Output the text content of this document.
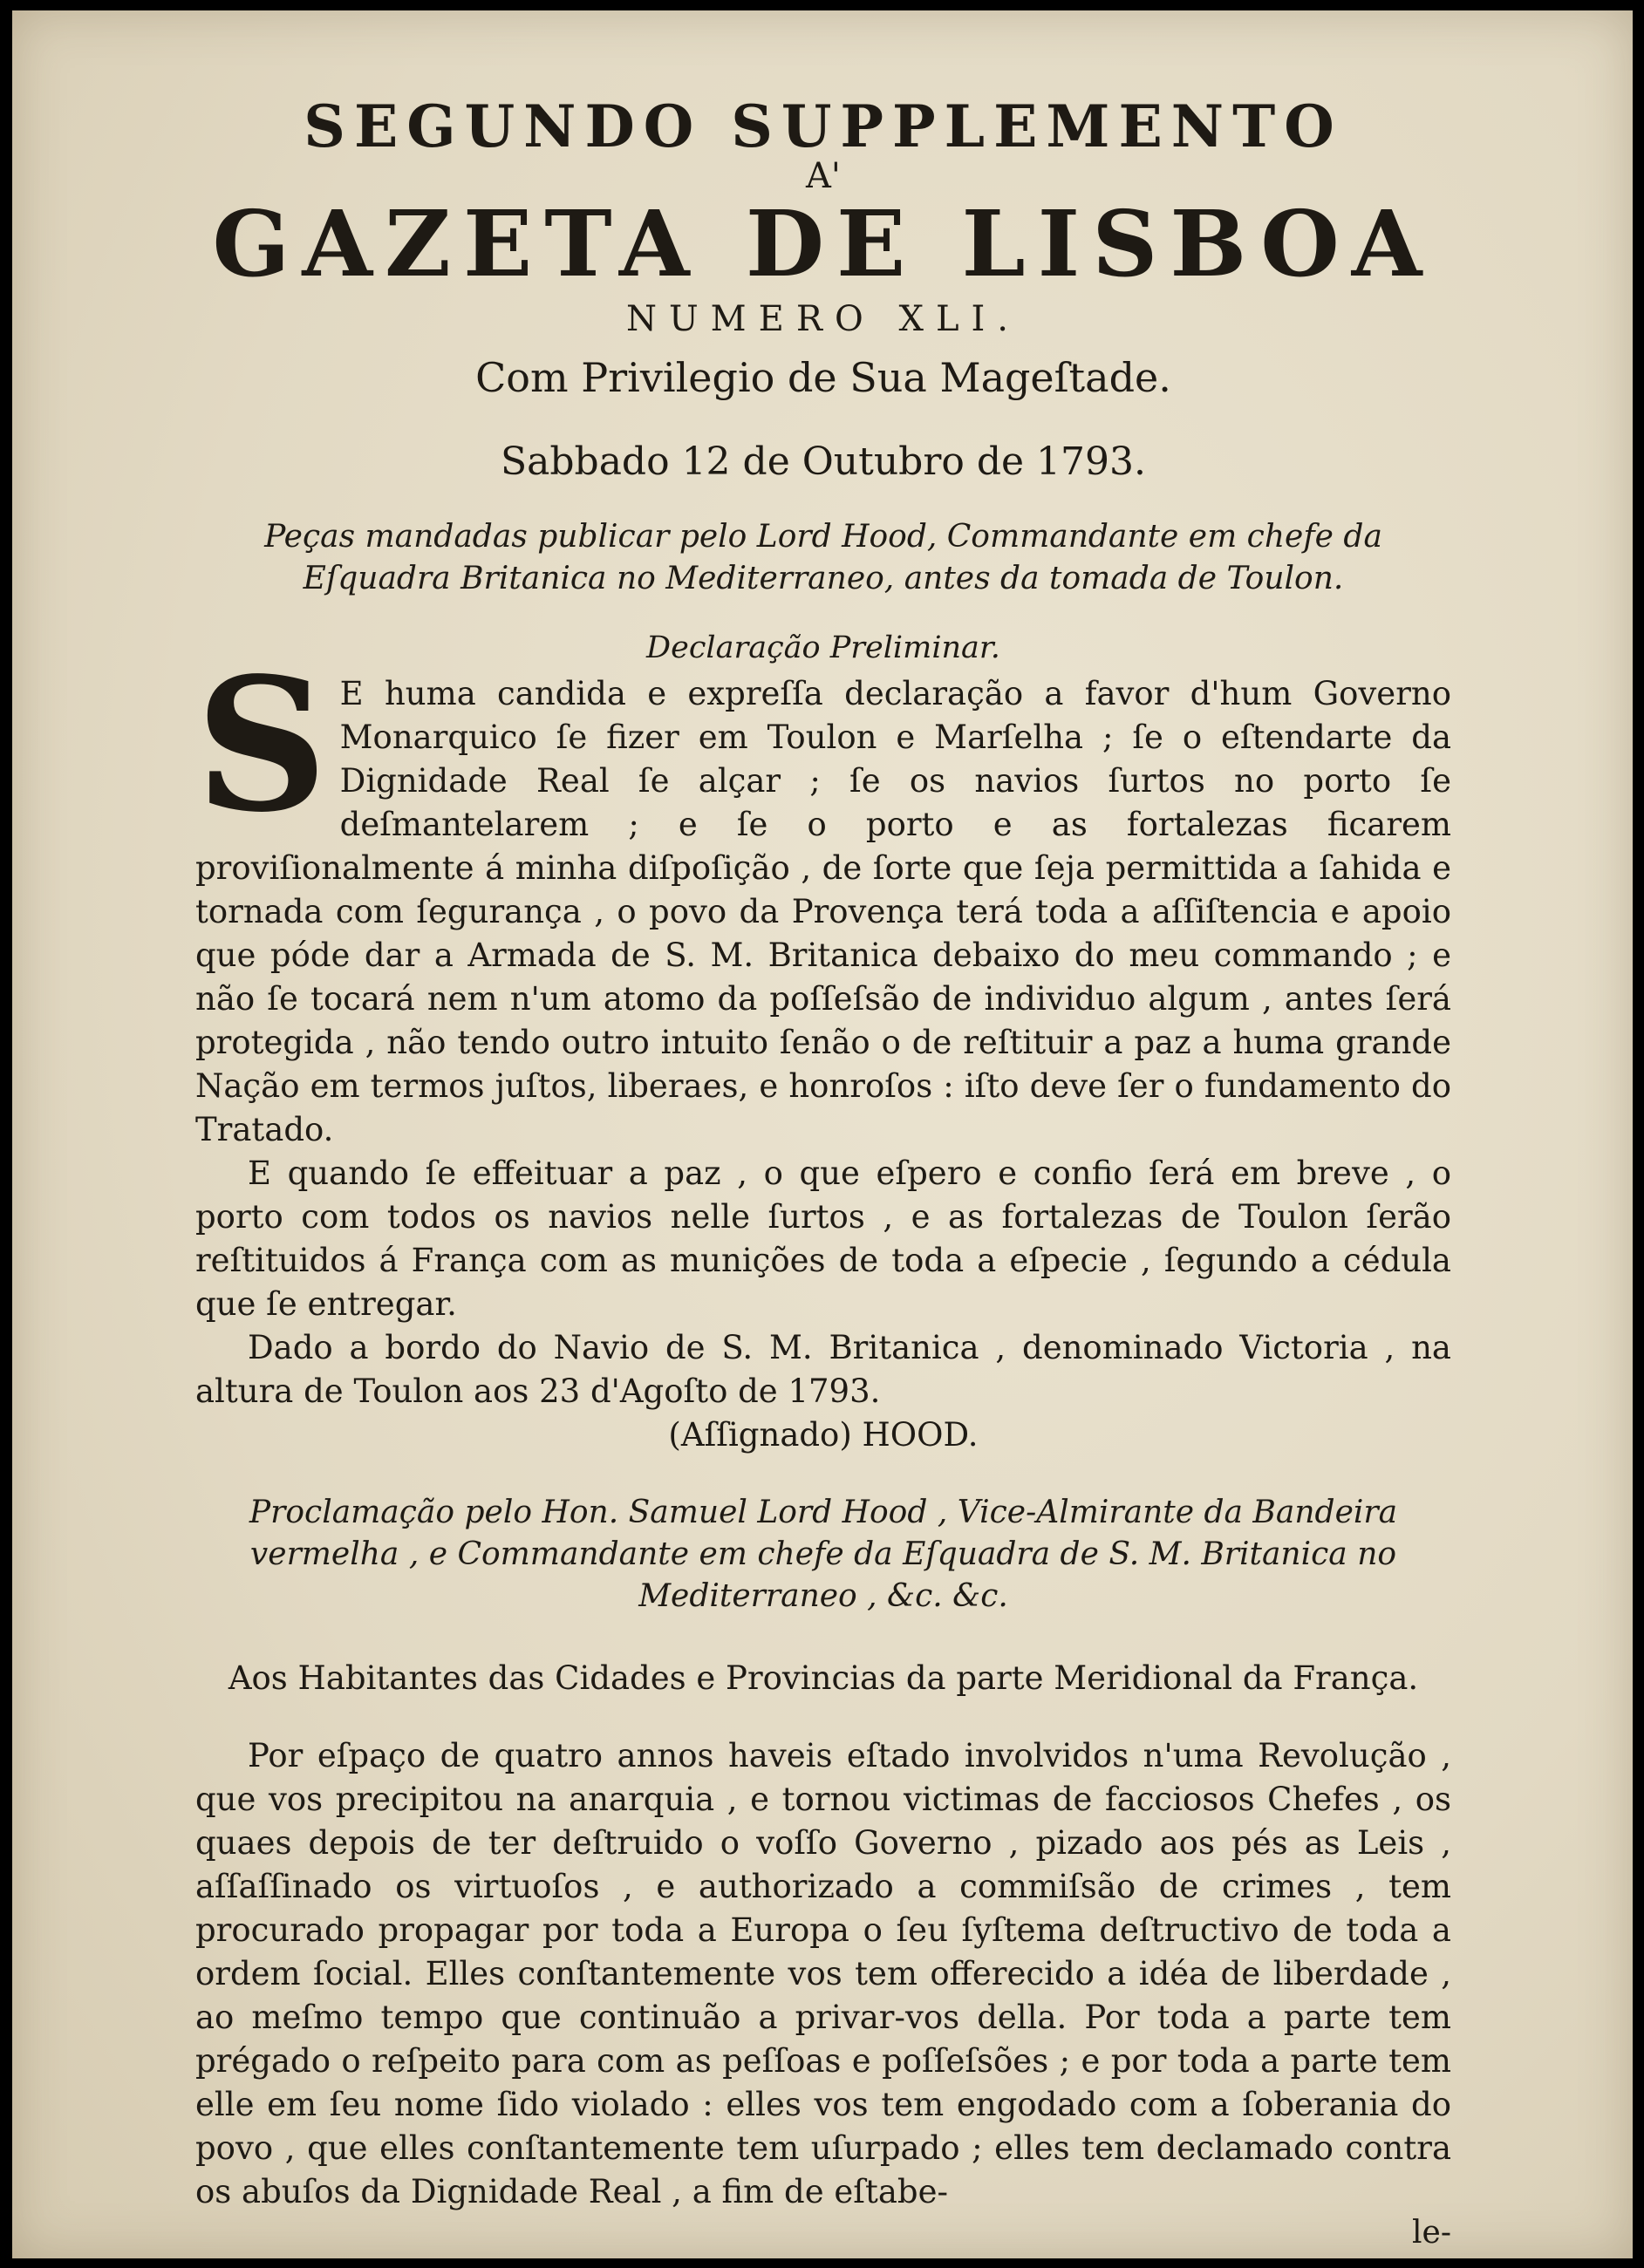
SEGUNDO SUPPLEMENTO
A'
GAZETA DE LISBOA
NUMERO XLI.
Com Privilegio de Sua Mageſtade.
Sabbado 12 de Outubro de 1793.
Peças mandadas publicar pelo Lord Hood, Commandante em chefe da Eſquadra Britanica no Mediterraneo, antes da tomada de Toulon.
Declaração Preliminar.
S E huma candida e expreſſa declaração a favor d'hum Governo Monarquico ſe fizer em Toulon e Marſelha ; ſe o eſtendarte da Dignidade Real ſe alçar ; ſe os navios ſurtos no porto ſe deſmantelarem ; e ſe o porto e as fortalezas ficarem proviſionalmente á minha diſpoſição , de ſorte que ſeja permittida a ſahida e tornada com ſegurança , o povo da Provença terá toda a aſſiſtencia e apoio que póde dar a Armada de S. M. Britanica debaixo do meu commando ; e não ſe tocará nem n'um atomo da poſſeſsão de individuo algum , antes ſerá protegida , não tendo outro intuito ſenão o de reſtituir a paz a huma grande Nação em termos juſtos, liberaes, e honroſos : iſto deve ſer o fundamento do Tratado.

E quando ſe effeituar a paz , o que eſpero e confio ſerá em breve , o porto com todos os navios nelle ſurtos , e as fortalezas de Toulon ſerão reſtituidos á França com as munições de toda a eſpecie , ſegundo a cédula que ſe entregar.

Dado a bordo do Navio de S. M. Britanica , denominado Victoria , na altura de Toulon aos 23 d'Agoſto de 1793.

(Aſſignado) HOOD.
Proclamação pelo Hon. Samuel Lord Hood , Vice-Almirante da Bandeira vermelha , e Commandante em chefe da Eſquadra de S. M. Britanica no Mediterraneo , &c. &c.
Aos Habitantes das Cidades e Provincias da parte Meridional da França.

Por eſpaço de quatro annos haveis eſtado involvidos n'uma Revolução , que vos precipitou na anarquia , e tornou victimas de facciosos Chefes , os quaes depois de ter deſtruido o voſſo Governo , pizado aos pés as Leis , aſſaſſinado os virtuoſos , e authorizado a commiſsão de crimes , tem procurado propagar por toda a Europa o ſeu ſyſtema deſtructivo de toda a ordem ſocial. Elles conſtantemente vos tem offerecido a idéa de liberdade , ao meſmo tempo que continuão a privar-vos della. Por toda a parte tem prégado o reſpeito para com as peſſoas e poſſeſsões ; e por toda a parte tem elle em ſeu nome ſido violado : elles vos tem engodado com a ſoberania do povo , que elles conſtantemente tem uſurpado ; elles tem declamado contra os abuſos da Dignidade Real , a fim de eſtabe-

le-
